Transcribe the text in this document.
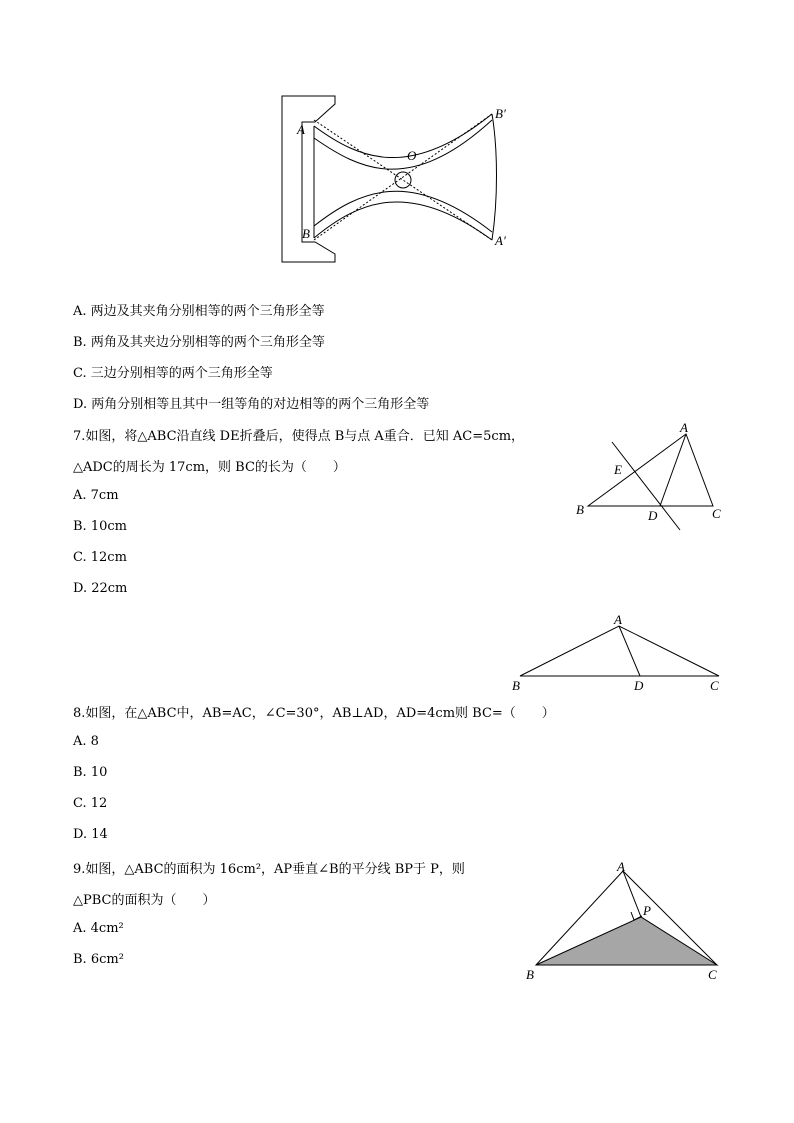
A
B
O
B′
A′
A. 两边及其夹角分别相等的两个三角形全等
B. 两角及其夹边分别相等的两个三角形全等
C. 三边分别相等的两个三角形全等
D. 两角分别相等且其中一组等角的对边相等的两个三角形全等
7.如图，将△ABC沿直线 DE折叠后，使得点 B与点 A重合．已知 AC=5cm，
△ADC的周长为 17cm，则 BC的长为（　　）
A. 7cm
B. 10cm
C. 12cm
D. 22cm
A
E
B	D	C
A
B	D	C
8.如图，在△ABC中，AB=AC，∠C=30°，AB⊥AD，AD=4cm则 BC=（　　）
A. 8
B. 10
C. 12
D. 14
9.如图，△ABC的面积为 16cm²，AP垂直∠B的平分线 BP于 P，则
△PBC的面积为（　　）
A. 4cm²
B. 6cm²
A
P
B	C
